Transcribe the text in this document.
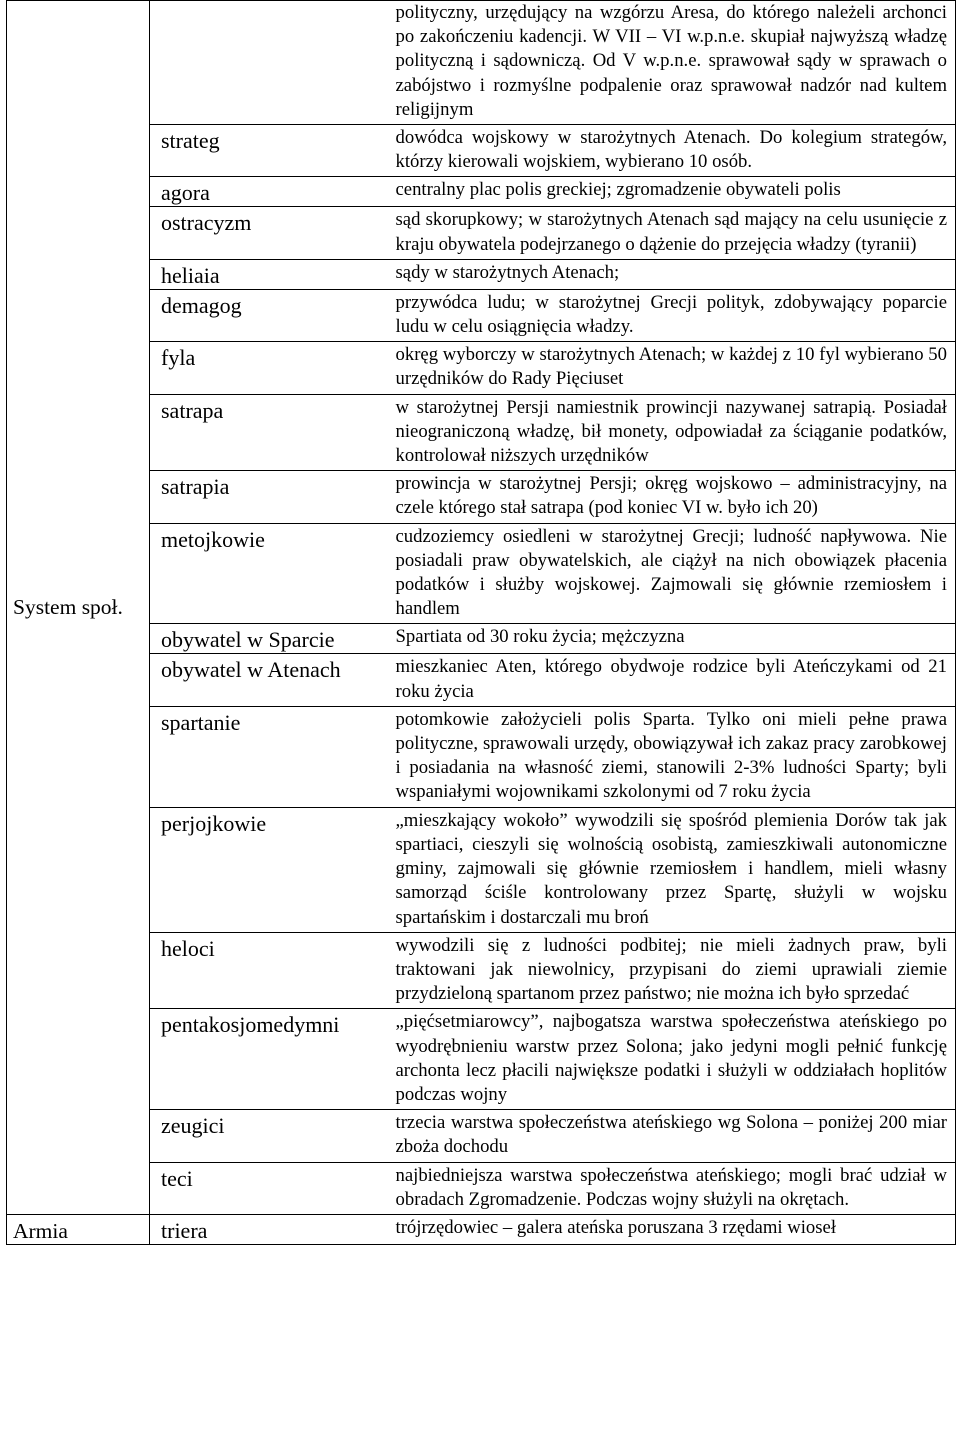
System społ.		polityczny, urzędujący na wzgórzu Aresa, do którego należeli archonci po zakończeniu kadencji. W VII – VI w.p.n.e. skupiał najwyższą władzę polityczną i sądowniczą. Od V w.p.n.e. sprawował sądy w sprawach o zabójstwo i rozmyślne podpalenie oraz sprawował nadzór nad kultem religijnym

	strateg	dowódca wojskowy w starożytnych Atenach. Do kolegium strategów, którzy kierowali wojskiem, wybierano 10 osób.

	agora	centralny plac polis greckiej; zgromadzenie obywateli polis

	ostracyzm	sąd skorupkowy; w starożytnych Atenach sąd mający na celu usunięcie z kraju obywatela podejrzanego o dążenie do przejęcia władzy (tyranii)

	heliaia	sądy w starożytnych Atenach;

	demagog	przywódca ludu; w starożytnej Grecji polityk, zdobywający poparcie ludu w celu osiągnięcia władzy.

	fyla	okręg wyborczy w starożytnych Atenach; w każdej z 10 fyl wybierano 50 urzędników do Rady Pięciuset

	satrapa	w starożytnej Persji namiestnik prowincji nazywanej satrapią. Posiadał nieograniczoną władzę, bił monety, odpowiadał za ściąganie podatków, kontrolował niższych urzędników

	satrapia	prowincja w starożytnej Persji; okręg wojskowo – administracyjny, na czele którego stał satrapa (pod koniec VI w. było ich 20)

	metojkowie	cudzoziemcy osiedleni w starożytnej Grecji; ludność napływowa. Nie posiadali praw obywatelskich, ale ciążył na nich obowiązek płacenia podatków i służby wojskowej. Zajmowali się głównie rzemiosłem i handlem

	obywatel w Sparcie	Spartiata od 30 roku życia; mężczyzna

	obywatel w Atenach	mieszkaniec Aten, którego obydwoje rodzice byli Ateńczykami od 21 roku życia

	spartanie	potomkowie założycieli polis Sparta. Tylko oni mieli pełne prawa polityczne, sprawowali urzędy, obowiązywał ich zakaz pracy zarobkowej i posiadania na własność ziemi, stanowili 2-3% ludności Sparty; byli wspaniałymi wojownikami szkolonymi od 7 roku życia

	perjojkowie	„mieszkający wokoło” wywodzili się spośród plemienia Dorów tak jak spartiaci, cieszyli się wolnością osobistą, zamieszkiwali autonomiczne gminy, zajmowali się głównie rzemiosłem i handlem, mieli własny samorząd ściśle kontrolowany przez Spartę, służyli w wojsku spartańskim i dostarczali mu broń

	heloci	wywodzili się z ludności podbitej; nie mieli żadnych praw, byli traktowani jak niewolnicy, przypisani do ziemi uprawiali ziemie przydzieloną spartanom przez państwo; nie można ich było sprzedać

	pentakosjomedymni	„pięćsetmiarowcy”, najbogatsza warstwa społeczeństwa ateńskiego po wyodrębnieniu warstw przez Solona; jako jedyni mogli pełnić funkcję archonta lecz płacili największe podatki i służyli w oddziałach hoplitów podczas wojny

	zeugici	trzecia warstwa społeczeństwa ateńskiego wg Solona – poniżej 200 miar zboża dochodu

	teci	najbiedniejsza warstwa społeczeństwa ateńskiego; mogli brać udział w obradach Zgromadzenie. Podczas wojny służyli na okrętach.

Armia	triera	trójrzędowiec – galera ateńska poruszana 3 rzędami wioseł
